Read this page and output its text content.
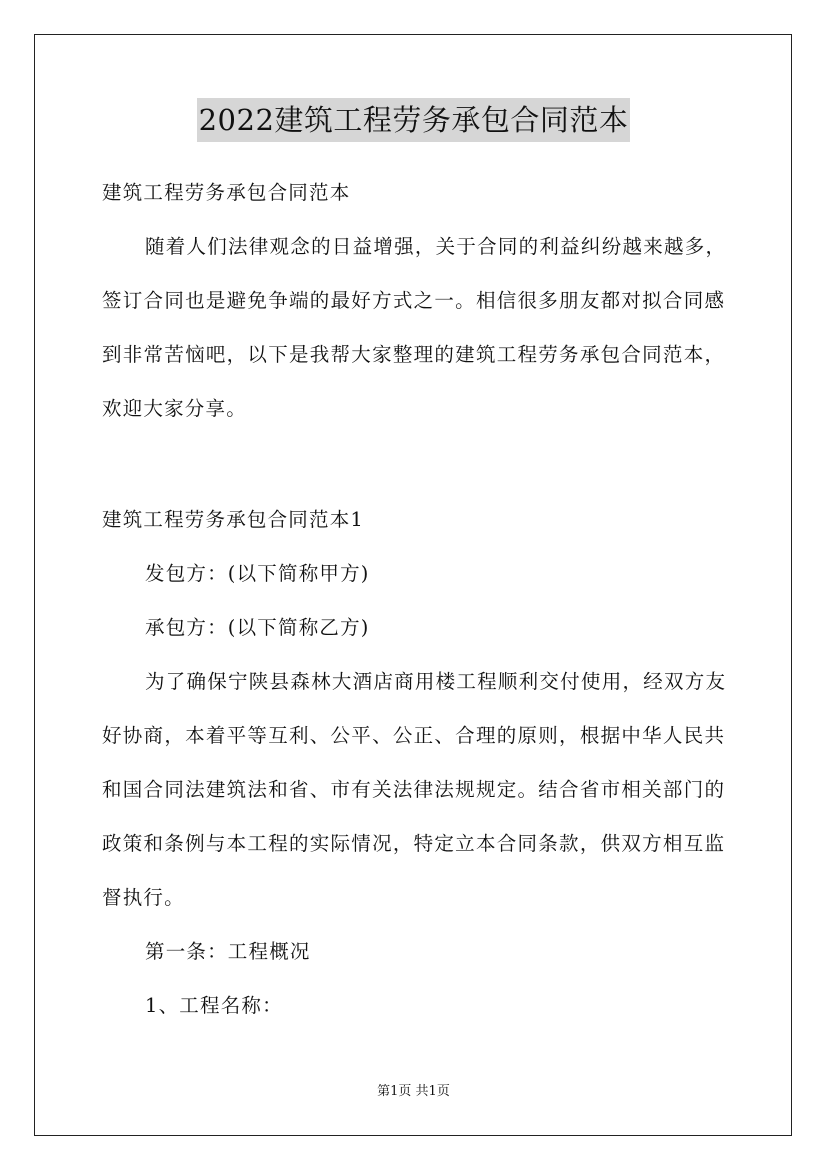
2022建筑工程劳务承包合同范本
建筑工程劳务承包合同范本
随着人们法律观念的日益增强，关于合同的利益纠纷越来越多，
签订合同也是避免争端的最好方式之一。相信很多朋友都对拟合同感
到非常苦恼吧，以下是我帮大家整理的建筑工程劳务承包合同范本，
欢迎大家分享。
建筑工程劳务承包合同范本1
发包方：(以下简称甲方)
承包方：(以下简称乙方)
为了确保宁陕县森林大酒店商用楼工程顺利交付使用，经双方友
好协商，本着平等互利、公平、公正、合理的原则，根据中华人民共
和国合同法建筑法和省、市有关法律法规规定。结合省市相关部门的
政策和条例与本工程的实际情况，特定立本合同条款，供双方相互监
督执行。
第一条：工程概况
1、工程名称：
第1页 共1页
